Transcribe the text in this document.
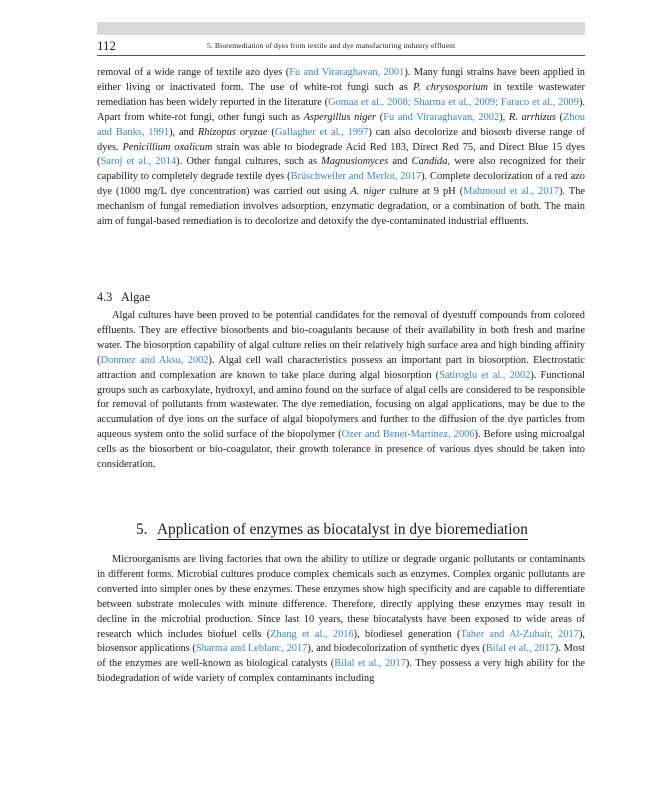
112	5. Bioremediation of dyes from textile and dye manufacturing industry effluent
removal of a wide range of textile azo dyes (Fu and Viraraghavan, 2001). Many fungi strains have been applied in either living or inactivated form. The use of white-rot fungi such as P. chrysosporium in textile wastewater remediation has been widely reported in the literature (Gomaa et al., 2008; Sharma et al., 2009; Faraco et al., 2009). Apart from white-rot fungi, other fungi such as Aspergillus niger (Fu and Viraraghavan, 2002), R. arrhizus (Zhou and Banks, 1991), and Rhizopus oryzae (Gallagher et al., 1997) can also decolorize and biosorb diverse range of dyes. Penicillium oxalicum strain was able to biodegrade Acid Red 183, Direct Red 75, and Direct Blue 15 dyes (Saroj et al., 2014). Other fungal cultures, such as Magnusiomyces and Candida, were also recognized for their capability to completely degrade textile dyes (Brüschweiler and Merlot, 2017). Complete decolorization of a red azo dye (1000 mg/L dye concentration) was carried out using A. niger culture at 9 pH (Mahmoud et al., 2017). The mechanism of fungal remediation involves adsorption, enzymatic degradation, or a combination of both. The main aim of fungal-based remediation is to decolorize and detoxify the dye-contaminated industrial effluents.
4.3 Algae
Algal cultures have been proved to be potential candidates for the removal of dyestuff compounds from colored effluents. They are effective biosorbents and bio-coagulants because of their availability in both fresh and marine water. The biosorption capability of algal culture relies on their relatively high surface area and high binding affinity (Donmez and Aksu, 2002). Algal cell wall characteristics possess an important part in biosorption. Electrostatic attraction and complexation are known to take place during algal biosorption (Satiroglu et al., 2002). Functional groups such as carboxylate, hydroxyl, and amino found on the surface of algal cells are considered to be responsible for removal of pollutants from wastewater. The dye remediation, focusing on algal applications, may be due to the accumulation of dye ions on the surface of algal biopolymers and further to the diffusion of the dye particles from aqueous system onto the solid surface of the biopolymer (Ozer and Benet-Martinez, 2006). Before using microalgal cells as the biosorbent or bio-coagulator, their growth tolerance in presence of various dyes should be taken into consideration.
5. Application of enzymes as biocatalyst in dye bioremediation
Microorganisms are living factories that own the ability to utilize or degrade organic pollutants or contaminants in different forms. Microbial cultures produce complex chemicals such as enzymes. Complex organic pollutants are converted into simpler ones by these enzymes. These enzymes show high specificity and are capable to differentiate between substrate molecules with minute difference. Therefore, directly applying these enzymes may result in decline in the microbial production. Since last 10 years, these biocatalysts have been exposed to wide areas of research which includes biofuel cells (Zhang et al., 2016), biodiesel generation (Taher and Al-Zuhair, 2017), biosensor applications (Sharma and Leblanc, 2017), and biodecolorization of synthetic dyes (Bilal et al., 2017). Most of the enzymes are well-known as biological catalysts (Bilal et al., 2017). They possess a very high ability for the biodegradation of wide variety of complex contaminants including
